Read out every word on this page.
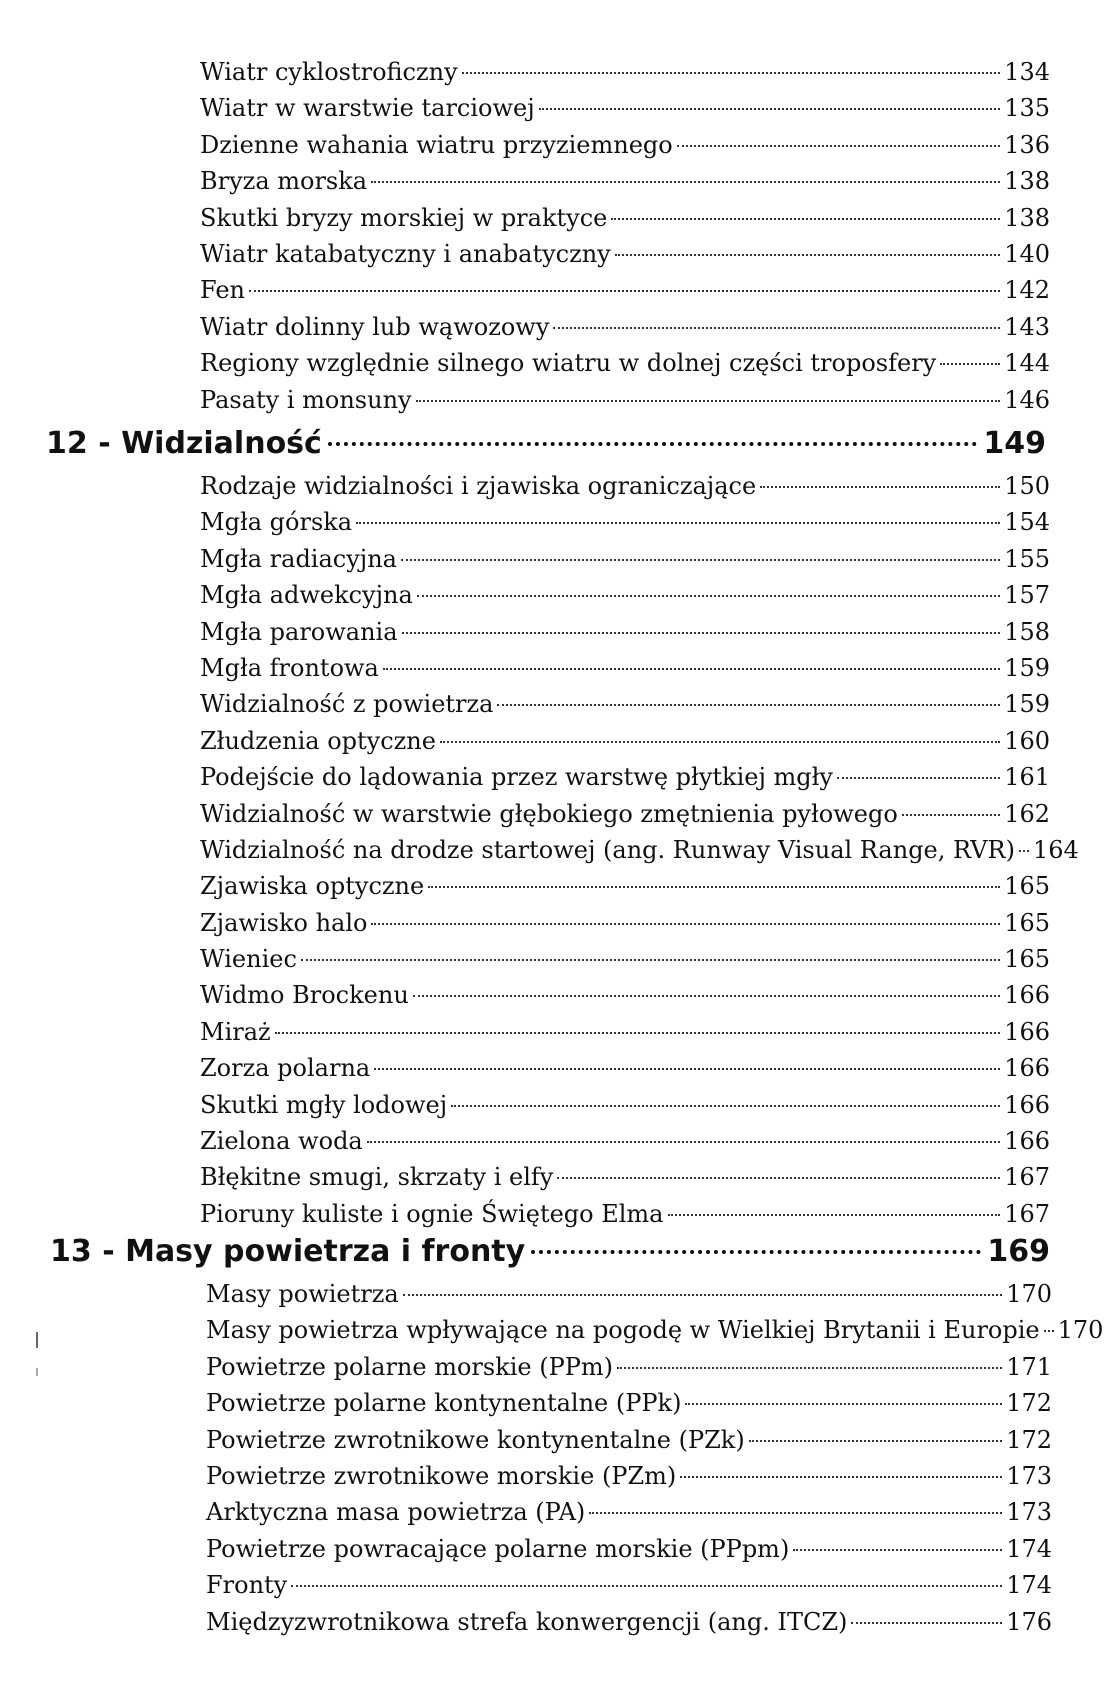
Wiatr cyklostroficzny	134
Wiatr w warstwie tarciowej	135
Dzienne wahania wiatru przyziemnego	136
Bryza morska	138
Skutki bryzy morskiej w praktyce	138
Wiatr katabatyczny i anabatyczny	140
Fen	142
Wiatr dolinny lub wąwozowy	143
Regiony względnie silnego wiatru w dolnej części troposfery	144
Pasaty i monsuny	146
12 - Widzialność	149
Rodzaje widzialności i zjawiska ograniczające	150
Mgła górska	154
Mgła radiacyjna	155
Mgła adwekcyjna	157
Mgła parowania	158
Mgła frontowa	159
Widzialność z powietrza	159
Złudzenia optyczne	160
Podejście do lądowania przez warstwę płytkiej mgły	161
Widzialność w warstwie głębokiego zmętnienia pyłowego	162
Widzialność na drodze startowej (ang. Runway Visual Range, RVR) 164
Zjawiska optyczne	165
Zjawisko halo	165
Wieniec	165
Widmo Brockenu	166
Miraż	166
Zorza polarna	166
Skutki mgły lodowej	166
Zielona woda	166
Błękitne smugi, skrzaty i elfy	167
Pioruny kuliste i ognie Świętego Elma	167
13 - Masy powietrza i fronty	169
Masy powietrza	170
Masy powietrza wpływające na pogodę w Wielkiej Brytanii i Europie 170
Powietrze polarne morskie (PPm)	171
Powietrze polarne kontynentalne (PPk)	172
Powietrze zwrotnikowe kontynentalne (PZk)	172
Powietrze zwrotnikowe morskie (PZm)	173
Arktyczna masa powietrza (PA)	173
Powietrze powracające polarne morskie (PPpm)	174
Fronty	174
Międzyzwrotnikowa strefa konwergencji (ang. ITCZ)	176
